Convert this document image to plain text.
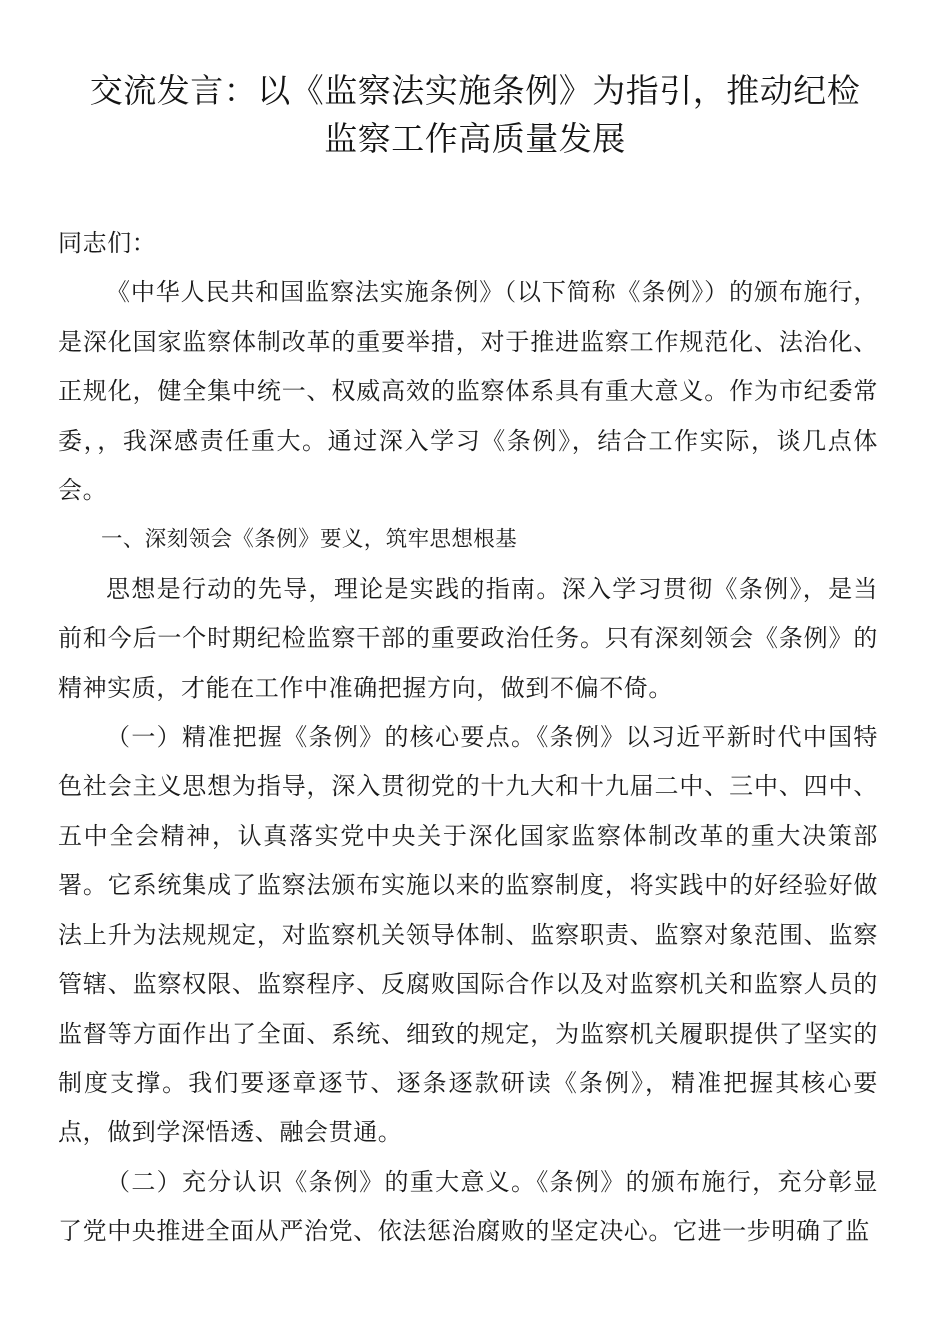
交流发言：以《监察法实施条例》为指引，推动纪检
监察工作高质量发展

同志们：

《中华人民共和国监察法实施条例》（以下简称《条例》）的颁布施行，是深化国家监察体制改革的重要举措，对于推进监察工作规范化、法治化、正规化，健全集中统一、权威高效的监察体系具有重大意义。作为市纪委常委，，我深感责任重大。通过深入学习《条例》，结合工作实际，谈几点体会。

一、深刻领会《条例》要义，筑牢思想根基

思想是行动的先导，理论是实践的指南。深入学习贯彻《条例》，是当前和今后一个时期纪检监察干部的重要政治任务。只有深刻领会《条例》的精神实质，才能在工作中准确把握方向，做到不偏不倚。

（一）精准把握《条例》的核心要点。《条例》以习近平新时代中国特色社会主义思想为指导，深入贯彻党的十九大和十九届二中、三中、四中、五中全会精神，认真落实党中央关于深化国家监察体制改革的重大决策部署。它系统集成了监察法颁布实施以来的监察制度，将实践中的好经验好做法上升为法规规定，对监察机关领导体制、监察职责、监察对象范围、监察管辖、监察权限、监察程序、反腐败国际合作以及对监察机关和监察人员的监督等方面作出了全面、系统、细致的规定，为监察机关履职提供了坚实的制度支撑。我们要逐章逐节、逐条逐款研读《条例》，精准把握其核心要点，做到学深悟透、融会贯通。

（二）充分认识《条例》的重大意义。《条例》的颁布施行，充分彰显了党中央推进全面从严治党、依法惩治腐败的坚定决心。它进一步明确了监
